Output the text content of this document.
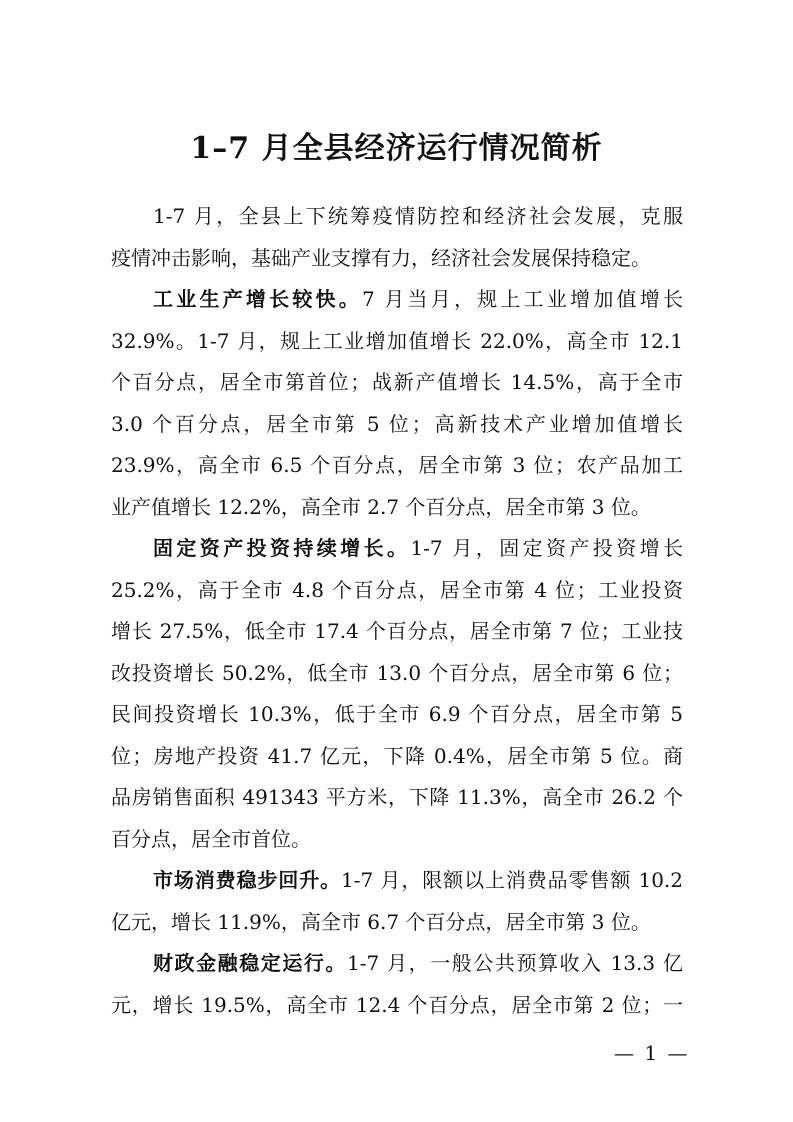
1–7 月全县经济运行情况简析
1-7 月，全县上下统筹疫情防控和经济社会发展，克服
疫情冲击影响，基础产业支撑有力，经济社会发展保持稳定。
工业生产增长较快。7 月当月，规上工业增加值增长
32.9%。1-7 月，规上工业增加值增长 22.0%，高全市 12.1
个百分点，居全市第首位；战新产值增长 14.5%，高于全市
3.0 个百分点，居全市第 5 位；高新技术产业增加值增长
23.9%，高全市 6.5 个百分点，居全市第 3 位；农产品加工
业产值增长 12.2%，高全市 2.7 个百分点，居全市第 3 位。
固定资产投资持续增长。1-7 月，固定资产投资增长
25.2%，高于全市 4.8 个百分点，居全市第 4 位；工业投资
增长 27.5%，低全市 17.4 个百分点，居全市第 7 位；工业技
改投资增长 50.2%，低全市 13.0 个百分点，居全市第 6 位；
民间投资增长 10.3%，低于全市 6.9 个百分点，居全市第 5
位；房地产投资 41.7 亿元，下降 0.4%，居全市第 5 位。商
品房销售面积 491343 平方米，下降 11.3%，高全市 26.2 个
百分点，居全市首位。
市场消费稳步回升。1-7 月，限额以上消费品零售额 10.2
亿元，增长 11.9%，高全市 6.7 个百分点，居全市第 3 位。
财政金融稳定运行。1-7 月，一般公共预算收入 13.3 亿
元，增长 19.5%，高全市 12.4 个百分点，居全市第 2 位；一
— 1 —
